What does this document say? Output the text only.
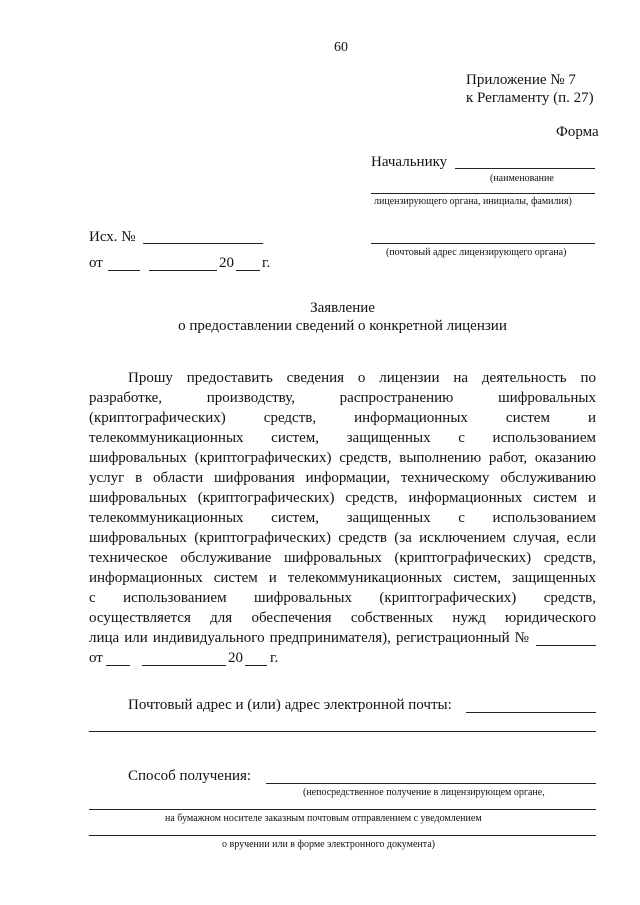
60
Приложение № 7
к Регламенту (п. 27)
Форма
Начальнику
(наименование
лицензирующего органа, инициалы, фамилия)
(почтовый адрес лицензирующего органа)
Исх. №
от	20 г.
Заявление
о предоставлении сведений о конкретной лицензии
Прошу предоставить сведения о лицензии на деятельность по
разработке, производству, распространению шифровальных
(криптографических) средств, информационных систем и
телекоммуникационных систем, защищенных с использованием
шифровальных (криптографических) средств, выполнению работ, оказанию
услуг в области шифрования информации, техническому обслуживанию
шифровальных (криптографических) средств, информационных систем и
телекоммуникационных систем, защищенных с использованием
шифровальных (криптографических) средств (за исключением случая, если
техническое обслуживание шифровальных (криптографических) средств,
информационных систем и телекоммуникационных систем, защищенных
с использованием шифровальных (криптографических) средств,
осуществляется для обеспечения собственных нужд юридического
лица или индивидуального предпринимателя), регистрационный №
от	20 г.
Почтовый адрес и (или) адрес электронной почты:
Способ получения:
(непосредственное получение в лицензирующем органе,
на бумажном носителе заказным почтовым отправлением с уведомлением
о вручении или в форме электронного документа)
